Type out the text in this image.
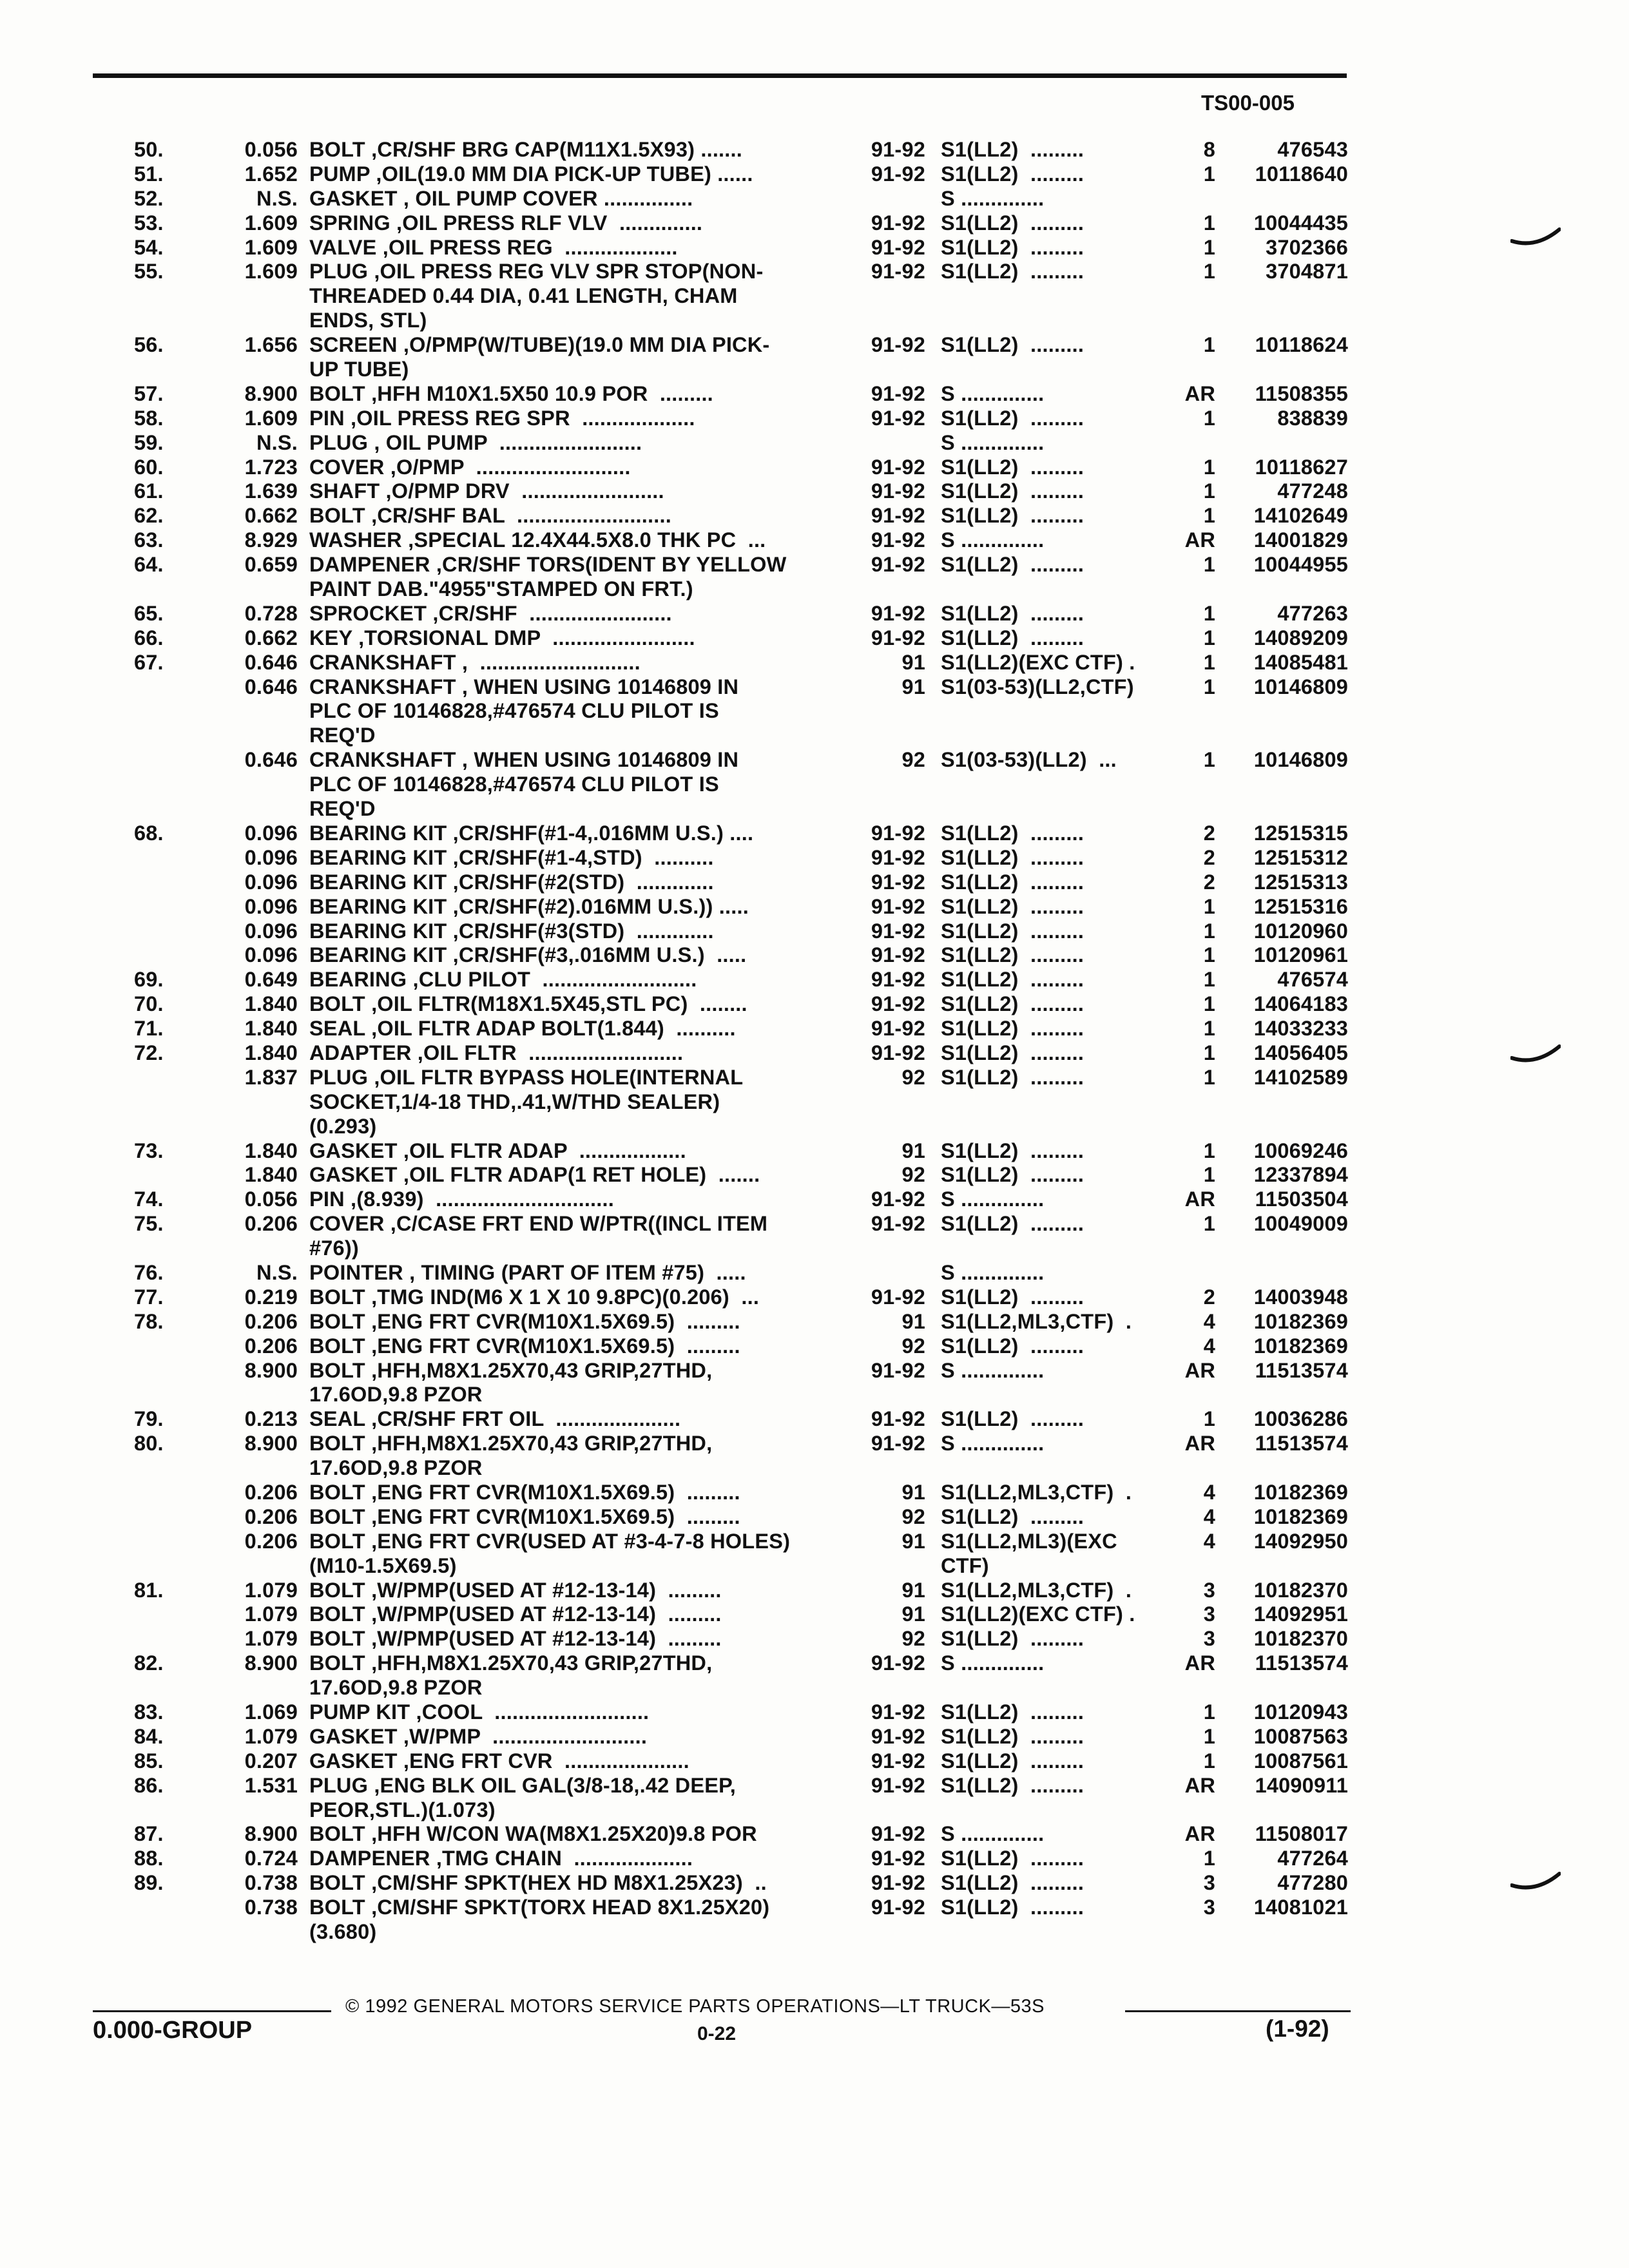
TS00-005
50.	0.056 BOLT ,CR/SHF BRG CAP(M11X1.5X93) .......	91-92 S1(LL2)  .........	8	476543
51.	1.652 PUMP ,OIL(19.0 MM DIA PICK-UP TUBE) ......	91-92 S1(LL2)  .........	1	10118640
52.	N.S. GASKET , OIL PUMP COVER ...............	S ..............
53.	1.609 SPRING ,OIL PRESS RLF VLV  ..............	91-92 S1(LL2)  .........	1	10044435
54.	1.609 VALVE ,OIL PRESS REG  ...................	91-92 S1(LL2)  .........	1	3702366
55.	1.609 PLUG ,OIL PRESS REG VLV SPR STOP(NON-	91-92 S1(LL2)  .........	1	3704871
THREADED 0.44 DIA, 0.41 LENGTH, CHAM
ENDS, STL)
56.	1.656 SCREEN ,O/PMP(W/TUBE)(19.0 MM DIA PICK-	91-92 S1(LL2)  .........	1	10118624
UP TUBE)
57.	8.900 BOLT ,HFH M10X1.5X50 10.9 POR  .........	91-92 S ..............	AR	11508355
58.	1.609 PIN ,OIL PRESS REG SPR  ...................	91-92 S1(LL2)  .........	1	838839
59.	N.S. PLUG , OIL PUMP  ........................	S ..............
60.	1.723 COVER ,O/PMP  ..........................	91-92 S1(LL2)  .........	1	10118627
61.	1.639 SHAFT ,O/PMP DRV  ........................	91-92 S1(LL2)  .........	1	477248
62.	0.662 BOLT ,CR/SHF BAL  ..........................	91-92 S1(LL2)  .........	1	14102649
63.	8.929 WASHER ,SPECIAL 12.4X44.5X8.0 THK PC  ...	91-92 S ..............	AR	14001829
64.	0.659 DAMPENER ,CR/SHF TORS(IDENT BY YELLOW	91-92 S1(LL2)  .........	1	10044955
PAINT DAB."4955"STAMPED ON FRT.)
65.	0.728 SPROCKET ,CR/SHF  ........................	91-92 S1(LL2)  .........	1	477263
66.	0.662 KEY ,TORSIONAL DMP  ........................	91-92 S1(LL2)  .........	1	14089209
67.	0.646 CRANKSHAFT ,  ...........................	91 S1(LL2)(EXC CTF) .	1	14085481
0.646 CRANKSHAFT , WHEN USING 10146809 IN	91 S1(03-53)(LL2,CTF)	1	10146809
PLC OF 10146828,#476574 CLU PILOT IS
REQ'D
0.646 CRANKSHAFT , WHEN USING 10146809 IN	92 S1(03-53)(LL2)  ...	1	10146809
PLC OF 10146828,#476574 CLU PILOT IS
REQ'D
68.	0.096 BEARING KIT ,CR/SHF(#1-4,.016MM U.S.) ....	91-92 S1(LL2)  .........	2	12515315
0.096 BEARING KIT ,CR/SHF(#1-4,STD)  ..........	91-92 S1(LL2)  .........	2	12515312
0.096 BEARING KIT ,CR/SHF(#2(STD)  .............	91-92 S1(LL2)  .........	2	12515313
0.096 BEARING KIT ,CR/SHF(#2).016MM U.S.)) .....	91-92 S1(LL2)  .........	1	12515316
0.096 BEARING KIT ,CR/SHF(#3(STD)  .............	91-92 S1(LL2)  .........	1	10120960
0.096 BEARING KIT ,CR/SHF(#3,.016MM U.S.)  .....	91-92 S1(LL2)  .........	1	10120961
69.	0.649 BEARING ,CLU PILOT  ..........................	91-92 S1(LL2)  .........	1	476574
70.	1.840 BOLT ,OIL FLTR(M18X1.5X45,STL PC)  ........	91-92 S1(LL2)  .........	1	14064183
71.	1.840 SEAL ,OIL FLTR ADAP BOLT(1.844)  ..........	91-92 S1(LL2)  .........	1	14033233
72.	1.840 ADAPTER ,OIL FLTR  ..........................	91-92 S1(LL2)  .........	1	14056405
1.837 PLUG ,OIL FLTR BYPASS HOLE(INTERNAL	92 S1(LL2)  .........	1	14102589
SOCKET,1/4-18 THD,.41,W/THD SEALER)
(0.293)
73.	1.840 GASKET ,OIL FLTR ADAP  ..................	91 S1(LL2)  .........	1	10069246
1.840 GASKET ,OIL FLTR ADAP(1 RET HOLE)  .......	92 S1(LL2)  .........	1	12337894
74.	0.056 PIN ,(8.939)  ..............................	91-92 S ..............	AR	11503504
75.	0.206 COVER ,C/CASE FRT END W/PTR((INCL ITEM	91-92 S1(LL2)  .........	1	10049009
#76))
76.	N.S. POINTER , TIMING (PART OF ITEM #75)  .....	S ..............
77.	0.219 BOLT ,TMG IND(M6 X 1 X 10 9.8PC)(0.206)  ...	91-92 S1(LL2)  .........	2	14003948
78.	0.206 BOLT ,ENG FRT CVR(M10X1.5X69.5)  .........	91 S1(LL2,ML3,CTF)  .	4	10182369
0.206 BOLT ,ENG FRT CVR(M10X1.5X69.5)  .........	92 S1(LL2)  .........	4	10182369
8.900 BOLT ,HFH,M8X1.25X70,43 GRIP,27THD,	91-92 S ..............	AR	11513574
17.6OD,9.8 PZOR
79.	0.213 SEAL ,CR/SHF FRT OIL  .....................	91-92 S1(LL2)  .........	1	10036286
80.	8.900 BOLT ,HFH,M8X1.25X70,43 GRIP,27THD,	91-92 S ..............	AR	11513574
17.6OD,9.8 PZOR
0.206 BOLT ,ENG FRT CVR(M10X1.5X69.5)  .........	91 S1(LL2,ML3,CTF)  .	4	10182369
0.206 BOLT ,ENG FRT CVR(M10X1.5X69.5)  .........	92 S1(LL2)  .........	4	10182369
0.206 BOLT ,ENG FRT CVR(USED AT #3-4-7-8 HOLES)	91 S1(LL2,ML3)(EXC	4	14092950
(M10-1.5X69.5)	CTF)
81.	1.079 BOLT ,W/PMP(USED AT #12-13-14)  .........	91 S1(LL2,ML3,CTF)  .	3	10182370
1.079 BOLT ,W/PMP(USED AT #12-13-14)  .........	91 S1(LL2)(EXC CTF) .	3	14092951
1.079 BOLT ,W/PMP(USED AT #12-13-14)  .........	92 S1(LL2)  .........	3	10182370
82.	8.900 BOLT ,HFH,M8X1.25X70,43 GRIP,27THD,	91-92 S ..............	AR	11513574
17.6OD,9.8 PZOR
83.	1.069 PUMP KIT ,COOL  ..........................	91-92 S1(LL2)  .........	1	10120943
84.	1.079 GASKET ,W/PMP  ..........................	91-92 S1(LL2)  .........	1	10087563
85.	0.207 GASKET ,ENG FRT CVR  .....................	91-92 S1(LL2)  .........	1	10087561
86.	1.531 PLUG ,ENG BLK OIL GAL(3/8-18,.42 DEEP,	91-92 S1(LL2)  .........	AR	14090911
PEOR,STL.)(1.073)
87.	8.900 BOLT ,HFH W/CON WA(M8X1.25X20)9.8 POR	91-92 S ..............	AR	11508017
88.	0.724 DAMPENER ,TMG CHAIN  ....................	91-92 S1(LL2)  .........	1	477264
89.	0.738 BOLT ,CM/SHF SPKT(HEX HD M8X1.25X23)  ..	91-92 S1(LL2)  .........	3	477280
0.738 BOLT ,CM/SHF SPKT(TORX HEAD 8X1.25X20)	91-92 S1(LL2)  .........	3	14081021
(3.680)
© 1992 GENERAL MOTORS SERVICE PARTS OPERATIONS—LT TRUCK—53S
0.000-GROUP	0-22	(1-92)
